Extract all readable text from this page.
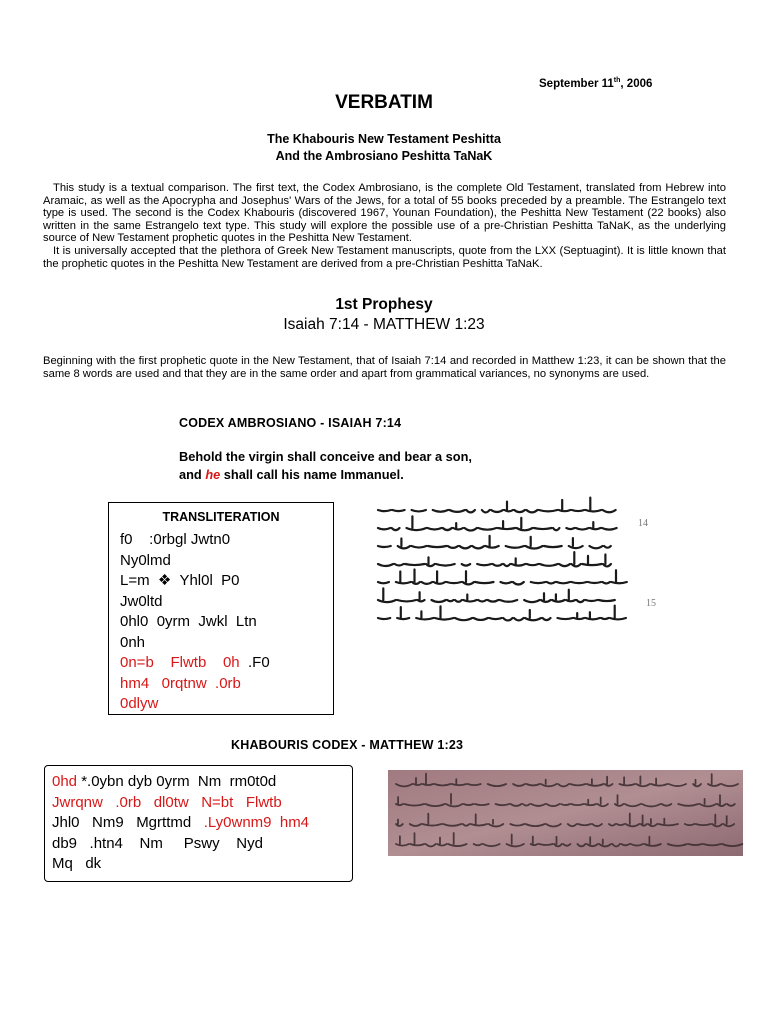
September 11th, 2006
VERBATIM
The Khabouris New Testament Peshitta
And the Ambrosiano Peshitta TaNaK

This study is a textual comparison. The first text, the Codex Ambrosiano, is the complete Old Testament, translated from Hebrew into Aramaic, as well as the Apocrypha and Josephus' Wars of the Jews, for a total of 55 books preceded by a preamble. The Estrangelo text type is used. The second is the Codex Khabouris (discovered 1967, Younan Foundation), the Peshitta New Testament (22 books) also written in the same Estrangelo text type. This study will explore the possible use of a pre-Christian Peshitta TaNaK, as the underlying source of New Testament prophetic quotes in the Peshitta New Testament.

It is universally accepted that the plethora of Greek New Testament manuscripts, quote from the LXX (Septuagint). It is little known that the prophetic quotes in the Peshitta New Testament are derived from a pre-Christian Peshitta TaNaK.

1st Prophesy
Isaiah 7:14 - MATTHEW 1:23
Beginning with the first prophetic quote in the New Testament, that of Isaiah 7:14 and recorded in Matthew 1:23, it can be shown that the same 8 words are used and that they are in the same order and apart from grammatical variances, no synonyms are used.
CODEX AMBROSIANO - ISAIAH 7:14
Behold the virgin shall conceive and bear a son,
and he shall call his name Immanuel.
TRANSLITERATION
f0    :0rbgl Jwtn0
Ny0lmd
L=m  ❖  Yhl0l  P0
Jw0ltd
0hl0  0yrm  Jwkl  Ltn
0nh
0n=b    Flwtb    0h  .F0
hm4   0rqtnw  .0rb
0dlyw
14
15
KHABOURIS CODEX - MATTHEW 1:23
0hd *.0ybn dyb 0yrm  Nm  rm0t0d
Jwrqnw   .0rb   dl0tw   N=bt   Flwtb
Jhl0   Nm9   Mgrttmd   .Ly0wnm9  hm4
db9   .htn4    Nm     Pswy    Nyd
Mq   dk
